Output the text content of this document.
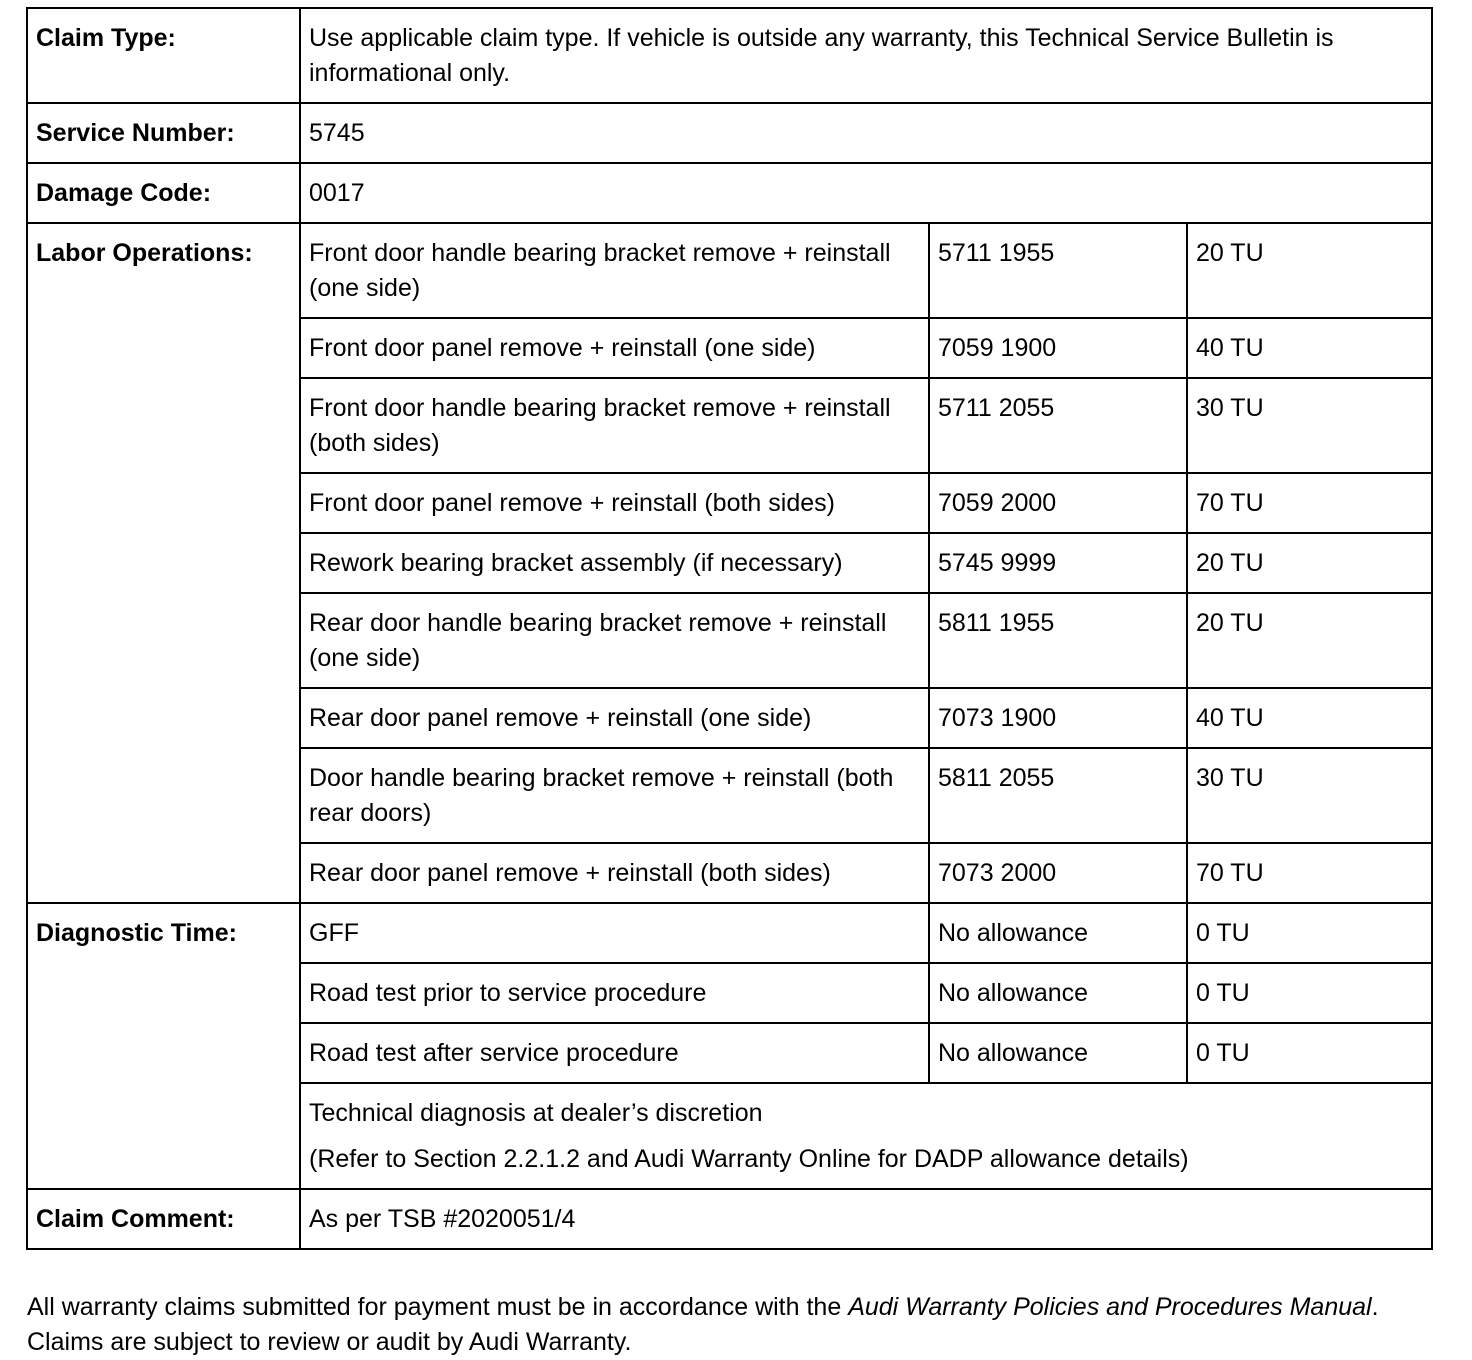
Claim Type:	Use applicable claim type. If vehicle is outside any warranty, this Technical Service Bulletin is informational only.		
Service Number:	5745		
Damage Code:	0017		
Labor Operations:	Front door handle bearing bracket remove + reinstall (one side)	5711 1955	20 TU
	Front door panel remove + reinstall (one side)	7059 1900	40 TU
	Front door handle bearing bracket remove + reinstall (both sides)	5711 2055	30 TU
	Front door panel remove + reinstall (both sides)	7059 2000	70 TU
	Rework bearing bracket assembly (if necessary)	5745 9999	20 TU
	Rear door handle bearing bracket remove + reinstall (one side)	5811 1955	20 TU
	Rear door panel remove + reinstall (one side)	7073 1900	40 TU
	Door handle bearing bracket remove + reinstall (both rear doors)	5811 2055	30 TU
	Rear door panel remove + reinstall (both sides)	7073 2000	70 TU
Diagnostic Time:	GFF	No allowance	0 TU
	Road test prior to service procedure	No allowance	0 TU
	Road test after service procedure	No allowance	0 TU

	Technical diagnosis at dealer’s discretion

(Refer to Section 2.2.1.2 and Audi Warranty Online for DADP allowance details)		

Claim Comment:	As per TSB #2020051/4		
All warranty claims submitted for payment must be in accordance with the Audi Warranty Policies and Procedures Manual. Claims are subject to review or audit by Audi Warranty.
